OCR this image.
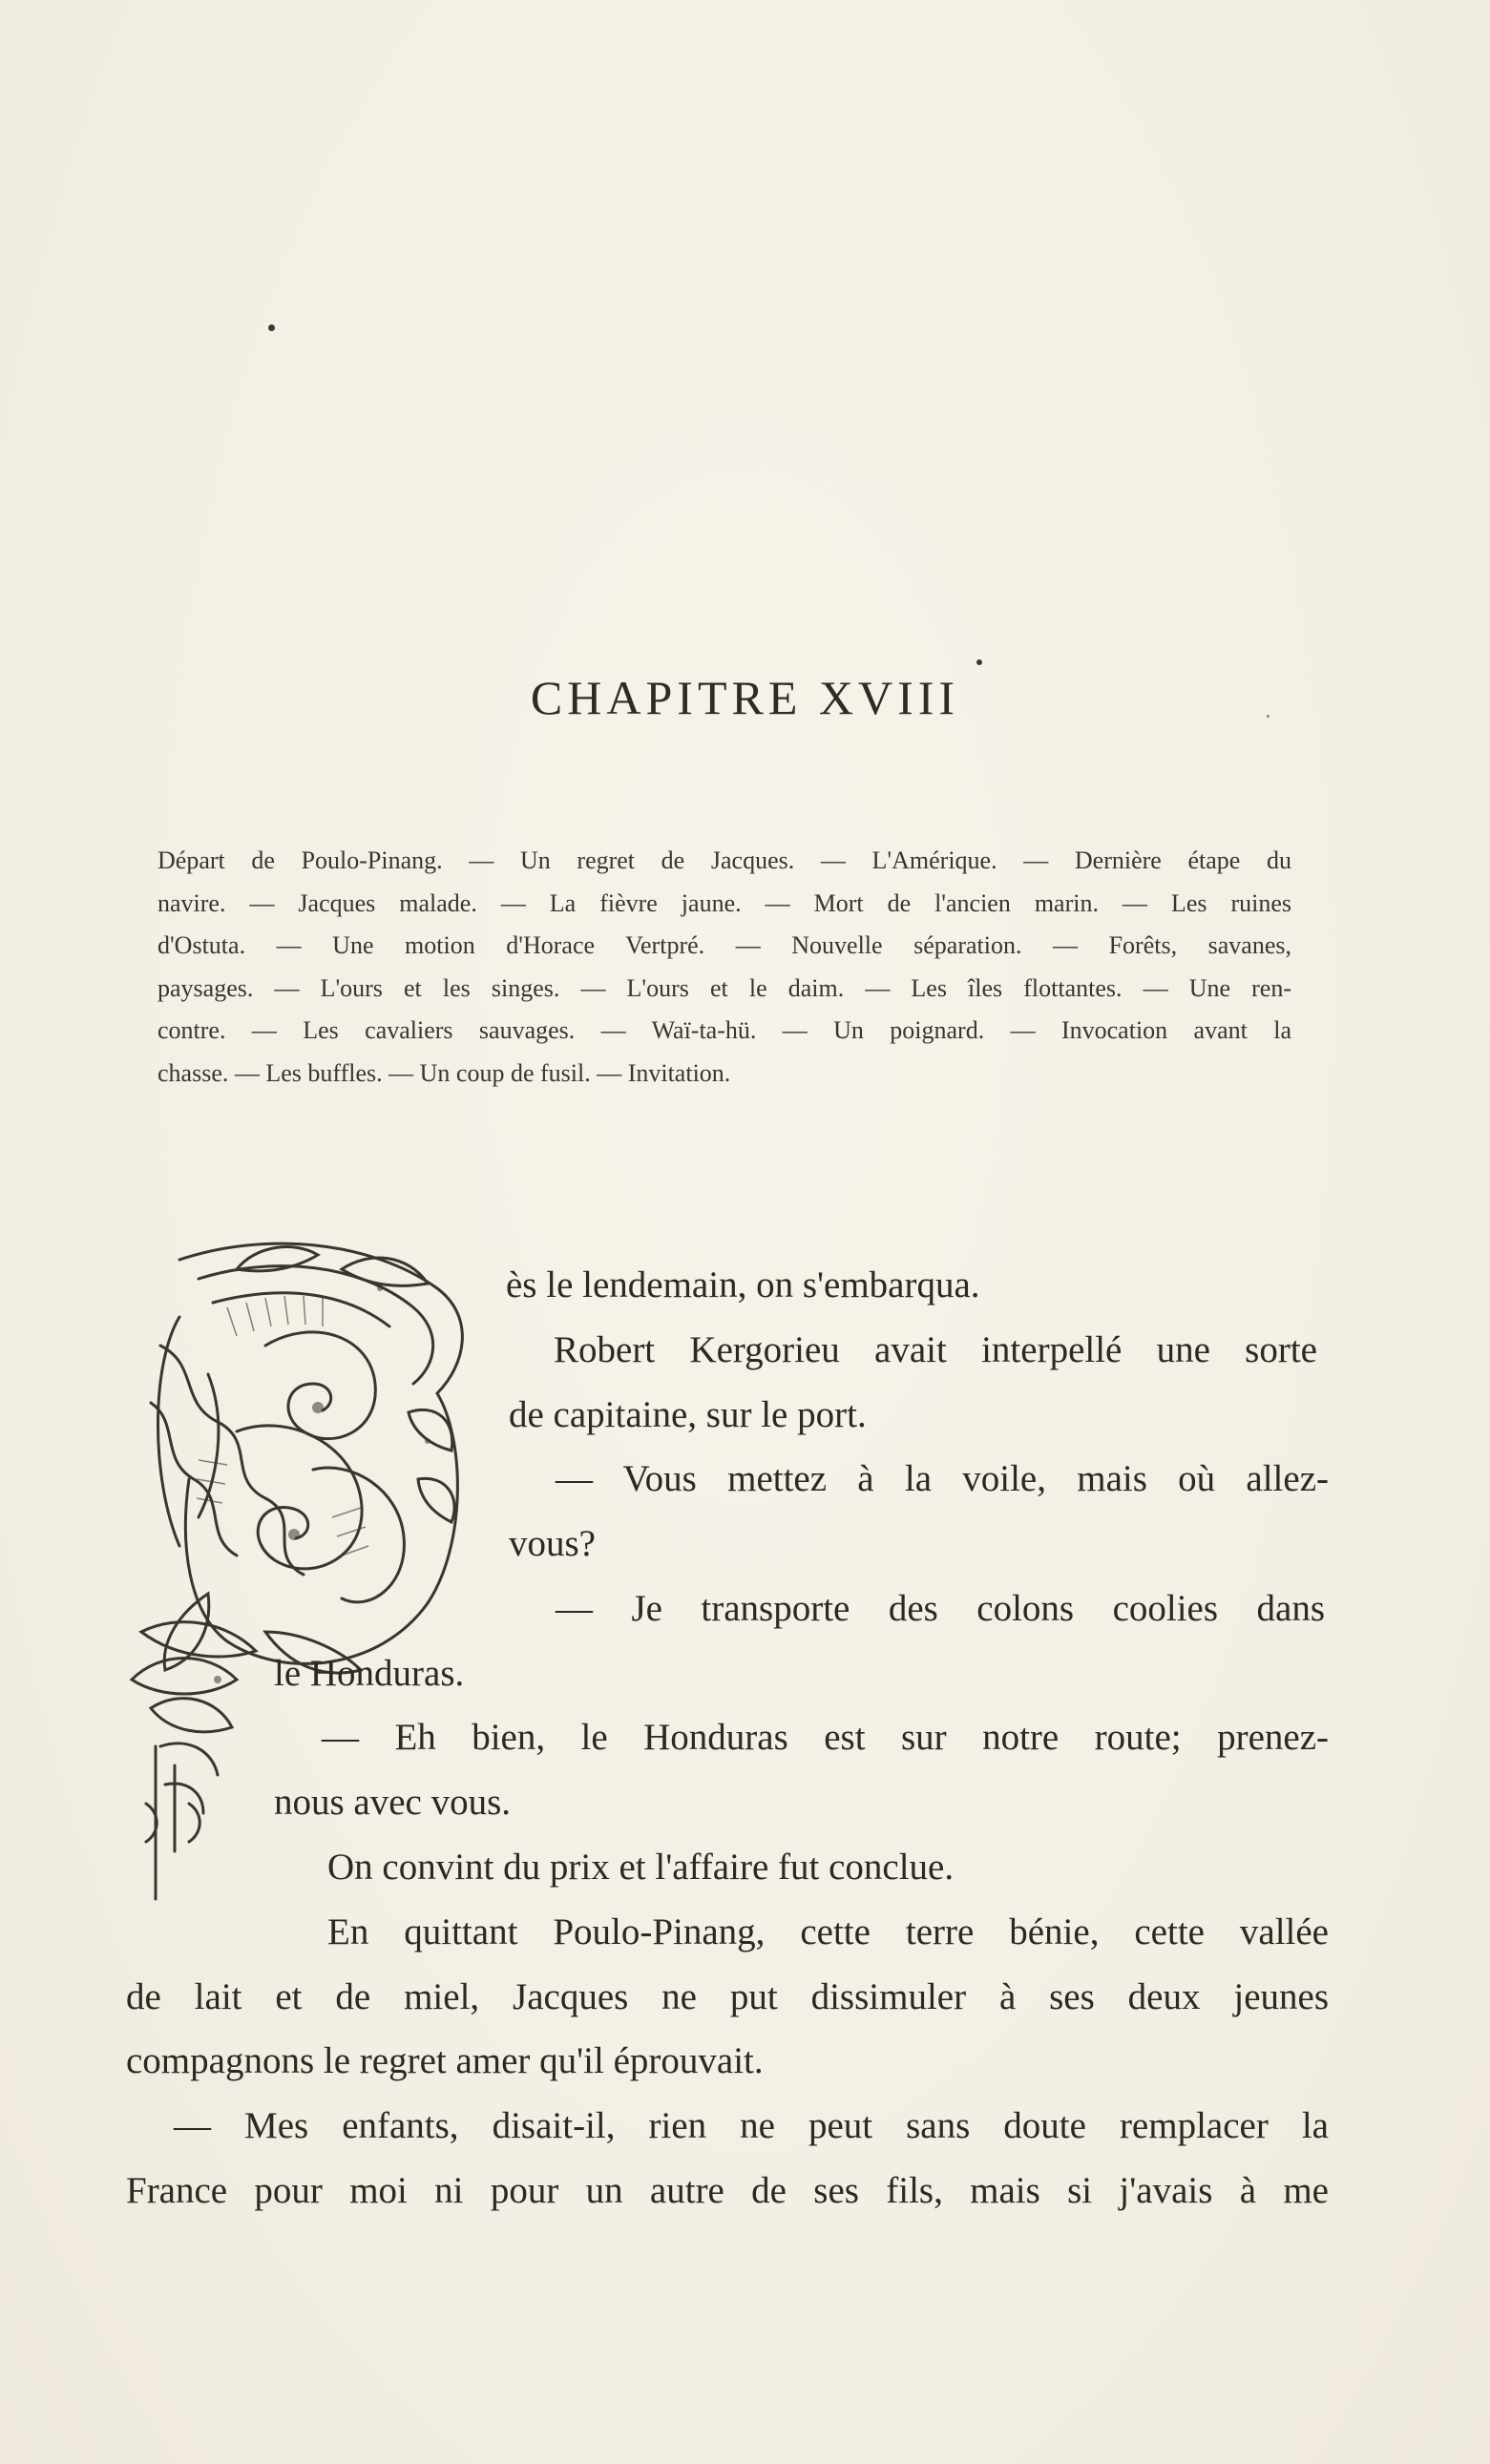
CHAPITRE XVIII
Départ de Poulo-Pinang. — Un regret de Jacques. — L'Amérique. — Dernière étape du
navire. — Jacques malade. — La fièvre jaune. — Mort de l'ancien marin. — Les ruines
d'Ostuta. — Une motion d'Horace Vertpré. — Nouvelle séparation. — Forêts, savanes,
paysages. — L'ours et les singes. — L'ours et le daim. — Les îles flottantes. — Une ren-
contre. — Les cavaliers sauvages. — Waï-ta-hü. — Un poignard. — Invocation avant la
chasse. — Les buffles. — Un coup de fusil. — Invitation.
ès le lendemain, on s'embarqua.
Robert Kergorieu avait interpellé une sorte
de capitaine, sur le port.
— Vous mettez à la voile, mais où allez-
vous?
— Je transporte des colons coolies dans
le Honduras.
— Eh bien, le Honduras est sur notre route; prenez-
nous avec vous.
On convint du prix et l'affaire fut conclue.
En quittant Poulo-Pinang, cette terre bénie, cette vallée
de lait et de miel, Jacques ne put dissimuler à ses deux jeunes
compagnons le regret amer qu'il éprouvait.
— Mes enfants, disait-il, rien ne peut sans doute remplacer la
France pour moi ni pour un autre de ses fils, mais si j'avais à me
